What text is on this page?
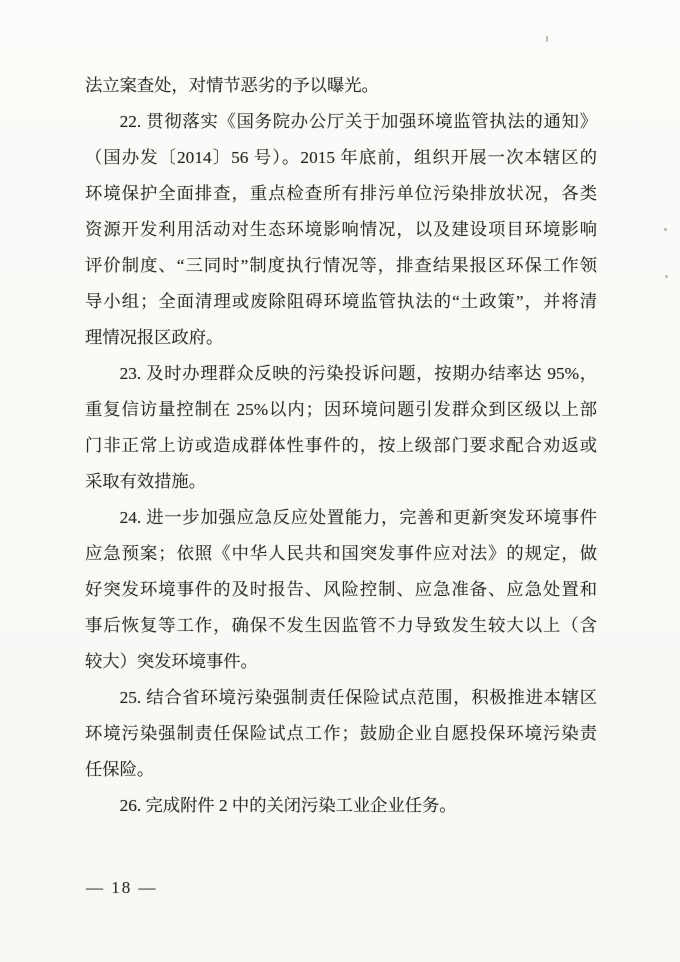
法立案查处，对情节恶劣的予以曝光。
22. 贯彻落实《国务院办公厅关于加强环境监管执法的通知》
（国办发〔2014〕56 号）。2015 年底前，组织开展一次本辖区的
环境保护全面排查，重点检查所有排污单位污染排放状况，各类
资源开发利用活动对生态环境影响情况，以及建设项目环境影响
评价制度、“三同时”制度执行情况等，排查结果报区环保工作领
导小组；全面清理或废除阻碍环境监管执法的“土政策”，并将清
理情况报区政府。
23. 及时办理群众反映的污染投诉问题，按期办结率达 95%，
重复信访量控制在 25%以内；因环境问题引发群众到区级以上部
门非正常上访或造成群体性事件的，按上级部门要求配合劝返或
采取有效措施。
24. 进一步加强应急反应处置能力，完善和更新突发环境事件
应急预案；依照《中华人民共和国突发事件应对法》的规定，做
好突发环境事件的及时报告、风险控制、应急准备、应急处置和
事后恢复等工作，确保不发生因监管不力导致发生较大以上（含
较大）突发环境事件。
25. 结合省环境污染强制责任保险试点范围，积极推进本辖区
环境污染强制责任保险试点工作；鼓励企业自愿投保环境污染责
任保险。
26. 完成附件 2 中的关闭污染工业企业任务。
— 18 —
